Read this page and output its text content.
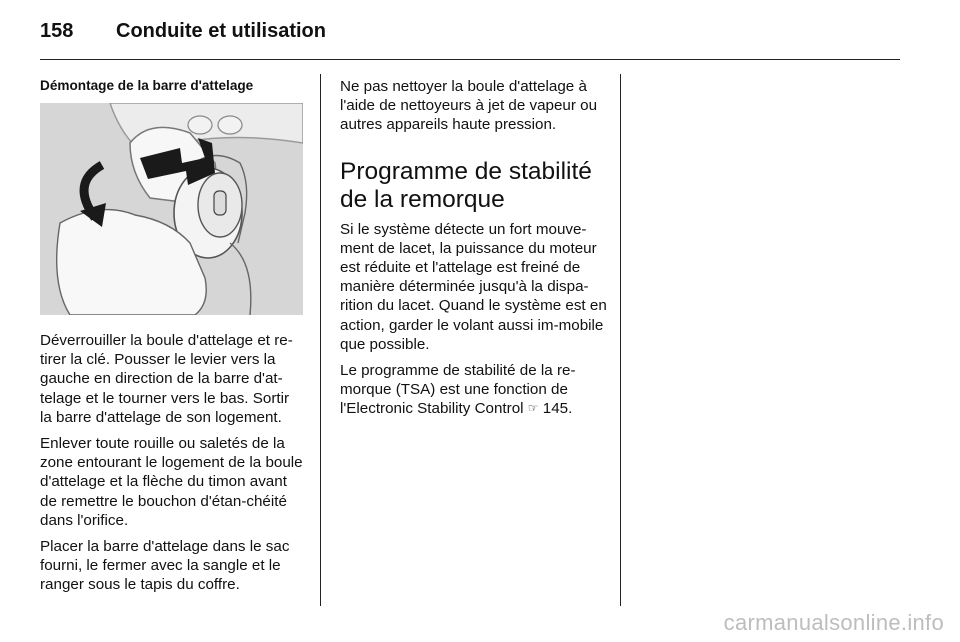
158 Conduite et utilisation
Démontage de la barre d'attelage

Déverrouiller la boule d'attelage et re-tirer la clé. Pousser le levier vers la gauche en direction de la barre d'at-telage et le tourner vers le bas. Sortir la barre d'attelage de son logement.

Enlever toute rouille ou saletés de la zone entourant le logement de la boule d'attelage et la flèche du timon avant de remettre le bouchon d'étan-chéité dans l'orifice.

Placer la barre d'attelage dans le sac fourni, le fermer avec la sangle et le ranger sous le tapis du coffre.

Ne pas nettoyer la boule d'attelage à l'aide de nettoyeurs à jet de vapeur ou autres appareils haute pression.

Programme de stabilité de la remorque

Si le système détecte un fort mouve-ment de lacet, la puissance du moteur est réduite et l'attelage est freiné de manière déterminée jusqu'à la dispa-rition du lacet. Quand le système est en action, garder le volant aussi im-mobile que possible.

Le programme de stabilité de la re-morque (TSA) est une fonction de l'Electronic Stability Control ☞ 145.

carmanualsonline.info
